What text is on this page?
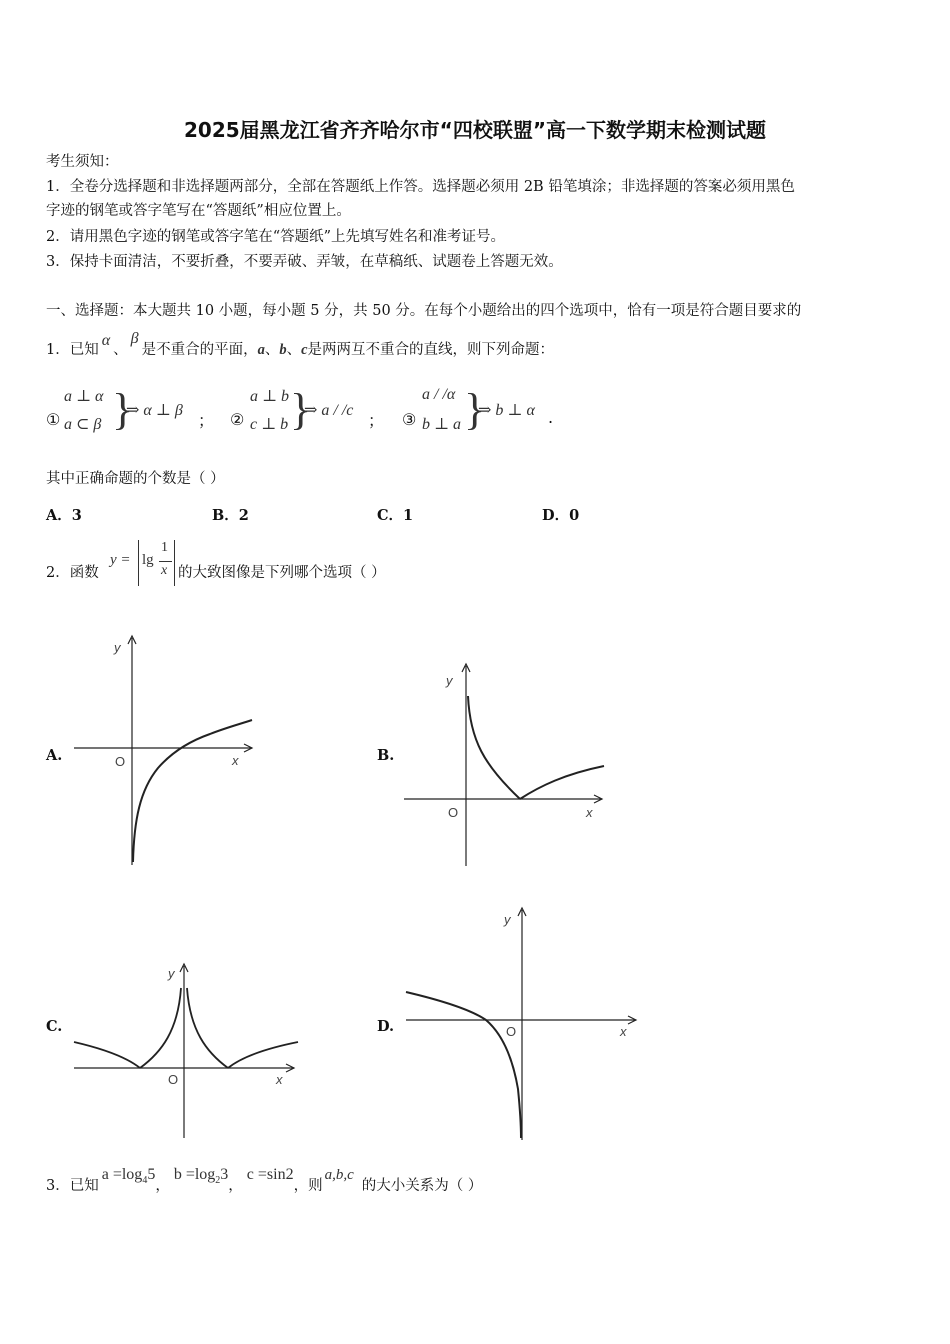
2025届黑龙江省齐齐哈尔市“四校联盟”高一下数学期末检测试题
考生须知：
1．全卷分选择题和非选择题两部分，全部在答题纸上作答。选择题必须用 2B 铅笔填涂；非选择题的答案必须用黑色
字迹的钢笔或答字笔写在“答题纸”相应位置上。
2．请用黑色字迹的钢笔或答字笔在“答题纸”上先填写姓名和准考证号。
3．保持卡面清洁，不要折叠，不要弄破、弄皱，在草稿纸、试题卷上答题无效。
一、选择题：本大题共 10 小题，每小题 5 分，共 50 分。在每个小题给出的四个选项中，恰有一项是符合题目要求的
1．已知α、β是不重合的平面，a、b、c是两两互不重合的直线，则下列命题：
①
a ⊥ α
a ⊂ β }
⇒ α ⊥ β
； ②
a ⊥ b
c ⊥ b }
⇒ a / /c
； ③
a / /α
b ⊥ a }
⇒ b ⊥ α .
其中正确命题的个数是（ ）
A．3	B．2	C．1	D．0
2．函数
y = lg
1
x 的大致图像是下列哪个选项（ ）
A.	B.
C.	D.
y
x
O
y
x
O
y
x
O
y
x
O
3．已知$a =\log_45$，$b =\log_23$，c =sin2，则a,b,c的大小关系为（ ）
